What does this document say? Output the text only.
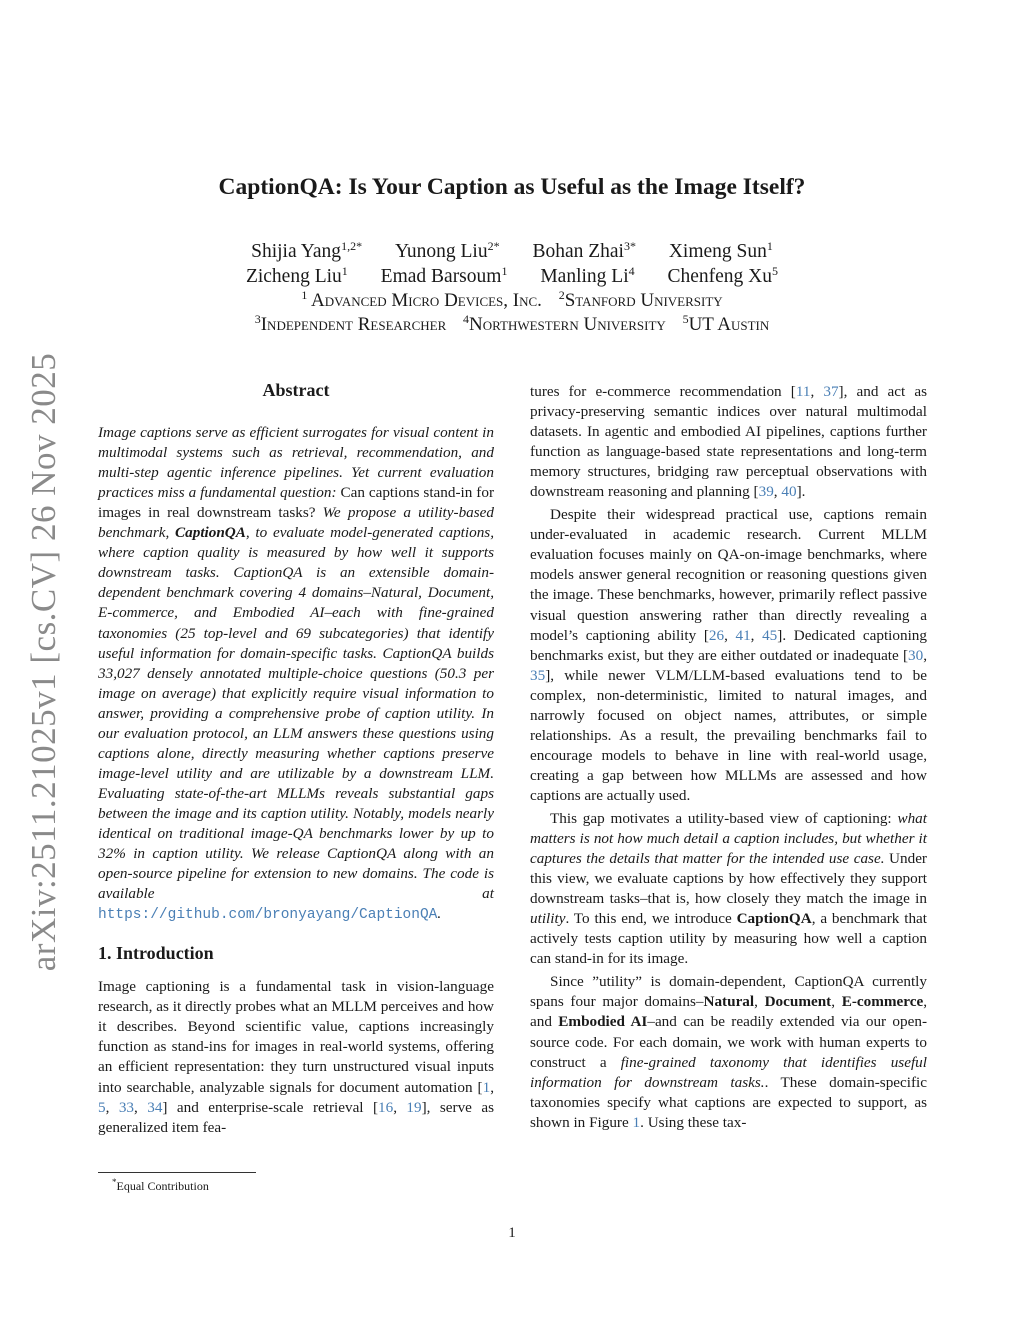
arXiv:2511.21025v1 [cs.CV] 26 Nov 2025
CaptionQA: Is Your Caption as Useful as the Image Itself?
Shijia Yang$^{1,2*}$ Yunong Liu$^{2*}$ Bohan Zhai$^{3*}$ Ximeng Sun$^1$
Zicheng Liu$^1$ Emad Barsoum$^1$ Manling Li$^4$ Chenfeng Xu$^5$
$^1$ Advanced Micro Devices, Inc. $^2$Stanford University
$^3$Independent Researcher $^4$Northwestern University $^5$UT Austin
Abstract

Image captions serve as efficient surrogates for visual content in multimodal systems such as retrieval, recommendation, and multi-step agentic inference pipelines. Yet current evaluation practices miss a fundamental question: Can captions stand-in for images in real downstream tasks? We propose a utility-based benchmark, CaptionQA, to evaluate model-generated captions, where caption quality is measured by how well it supports downstream tasks. CaptionQA is an extensible domain-dependent benchmark covering 4 domains–Natural, Document, E-commerce, and Embodied AI–each with fine-grained taxonomies (25 top-level and 69 subcategories) that identify useful information for domain-specific tasks. CaptionQA builds 33,027 densely annotated multiple-choice questions (50.3 per image on average) that explicitly require visual information to answer, providing a comprehensive probe of caption utility. In our evaluation protocol, an LLM answers these questions using captions alone, directly measuring whether captions preserve image-level utility and are utilizable by a downstream LLM. Evaluating state-of-the-art MLLMs reveals substantial gaps between the image and its caption utility. Notably, models nearly identical on traditional image-QA benchmarks lower by up to 32% in caption utility. We release CaptionQA along with an open-source pipeline for extension to new domains. The code is available at https://github.com/bronyayang/CaptionQA.

1. Introduction

Image captioning is a fundamental task in vision-language research, as it directly probes what an MLLM perceives and how it describes. Beyond scientific value, captions increasingly function as stand-ins for images in real-world systems, offering an efficient representation: they turn unstructured visual inputs into searchable, analyzable signals for document automation [1, 5, 33, 34] and enterprise-scale retrieval [16, 19], serve as generalized item fea-

tures for e-commerce recommendation [11, 37], and act as privacy-preserving semantic indices over natural multimodal datasets. In agentic and embodied AI pipelines, captions further function as language-based state representations and long-term memory structures, bridging raw perceptual observations with downstream reasoning and planning [39, 40].

Despite their widespread practical use, captions remain under-evaluated in academic research. Current MLLM evaluation focuses mainly on QA-on-image benchmarks, where models answer general recognition or reasoning questions given the image. These benchmarks, however, primarily reflect passive visual question answering rather than directly revealing a model’s captioning ability [26, 41, 45]. Dedicated captioning benchmarks exist, but they are either outdated or inadequate [30, 35], while newer VLM/LLM-based evaluations tend to be complex, non-deterministic, limited to natural images, and narrowly focused on object names, attributes, or simple relationships. As a result, the prevailing benchmarks fail to encourage models to behave in line with real-world usage, creating a gap between how MLLMs are assessed and how captions are actually used.

This gap motivates a utility-based view of captioning: what matters is not how much detail a caption includes, but whether it captures the details that matter for the intended use case. Under this view, we evaluate captions by how effectively they support downstream tasks–that is, how closely they match the image in utility. To this end, we introduce CaptionQA, a benchmark that actively tests caption utility by measuring how well a caption can stand-in for its image.

Since ”utility” is domain-dependent, CaptionQA currently spans four major domains–Natural, Document, E-commerce, and Embodied AI–and can be readily extended via our open-source code. For each domain, we work with human experts to construct a fine-grained taxonomy that identifies useful information for downstream tasks.. These domain-specific taxonomies specify what captions are expected to support, as shown in Figure 1. Using these tax-

*Equal Contribution
1
